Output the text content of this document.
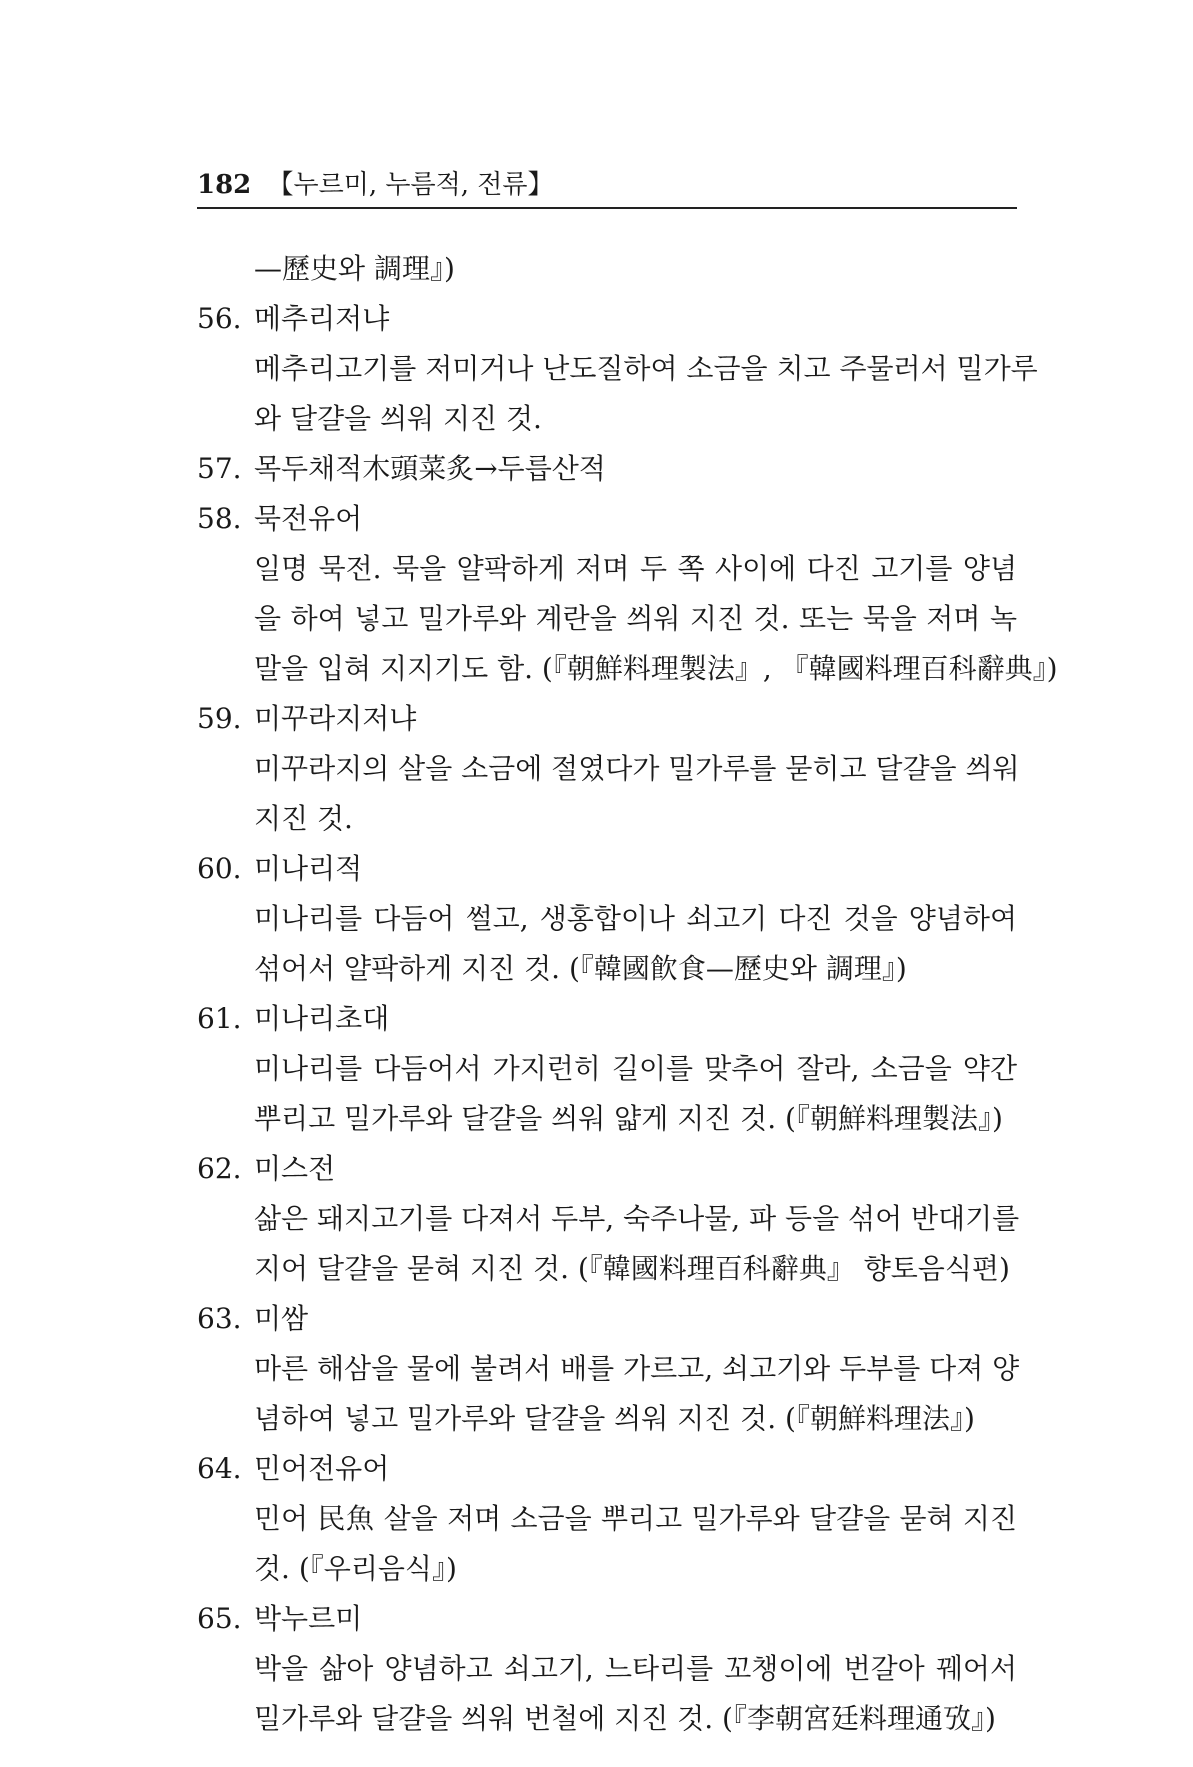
182 【누르미, 누름적, 전류】
—歷史와 調理』)
56. 메추리저냐
메추리고기를 저미거나 난도질하여 소금을 치고 주물러서 밀가루
와 달걀을 씌워 지진 것.
57. 목두채적木頭菜炙→두릅산적
58. 묵전유어
일명 묵전. 묵을 얄팍하게 저며 두 쪽 사이에 다진 고기를 양념
을 하여 넣고 밀가루와 계란을 씌워 지진 것. 또는 묵을 저며 녹
말을 입혀 지지기도 함. (『朝鮮料理製法』, 『韓國料理百科辭典』)
59. 미꾸라지저냐
미꾸라지의 살을 소금에 절였다가 밀가루를 묻히고 달걀을 씌워
지진 것.
60. 미나리적
미나리를 다듬어 썰고, 생홍합이나 쇠고기 다진 것을 양념하여
섞어서 얄팍하게 지진 것. (『韓國飮食—歷史와 調理』)
61. 미나리초대
미나리를 다듬어서 가지런히 길이를 맞추어 잘라, 소금을 약간
뿌리고 밀가루와 달걀을 씌워 얇게 지진 것. (『朝鮮料理製法』)
62. 미스전
삶은 돼지고기를 다져서 두부, 숙주나물, 파 등을 섞어 반대기를
지어 달걀을 묻혀 지진 것. (『韓國料理百科辭典』 향토음식편)
63. 미쌈
마른 해삼을 물에 불려서 배를 가르고, 쇠고기와 두부를 다져 양
념하여 넣고 밀가루와 달걀을 씌워 지진 것. (『朝鮮料理法』)
64. 민어전유어
민어 民魚 살을 저며 소금을 뿌리고 밀가루와 달걀을 묻혀 지진
것. (『우리음식』)
65. 박누르미
박을 삶아 양념하고 쇠고기, 느타리를 꼬챙이에 번갈아 꿰어서
밀가루와 달걀을 씌워 번철에 지진 것. (『李朝宮廷料理通攷』)
